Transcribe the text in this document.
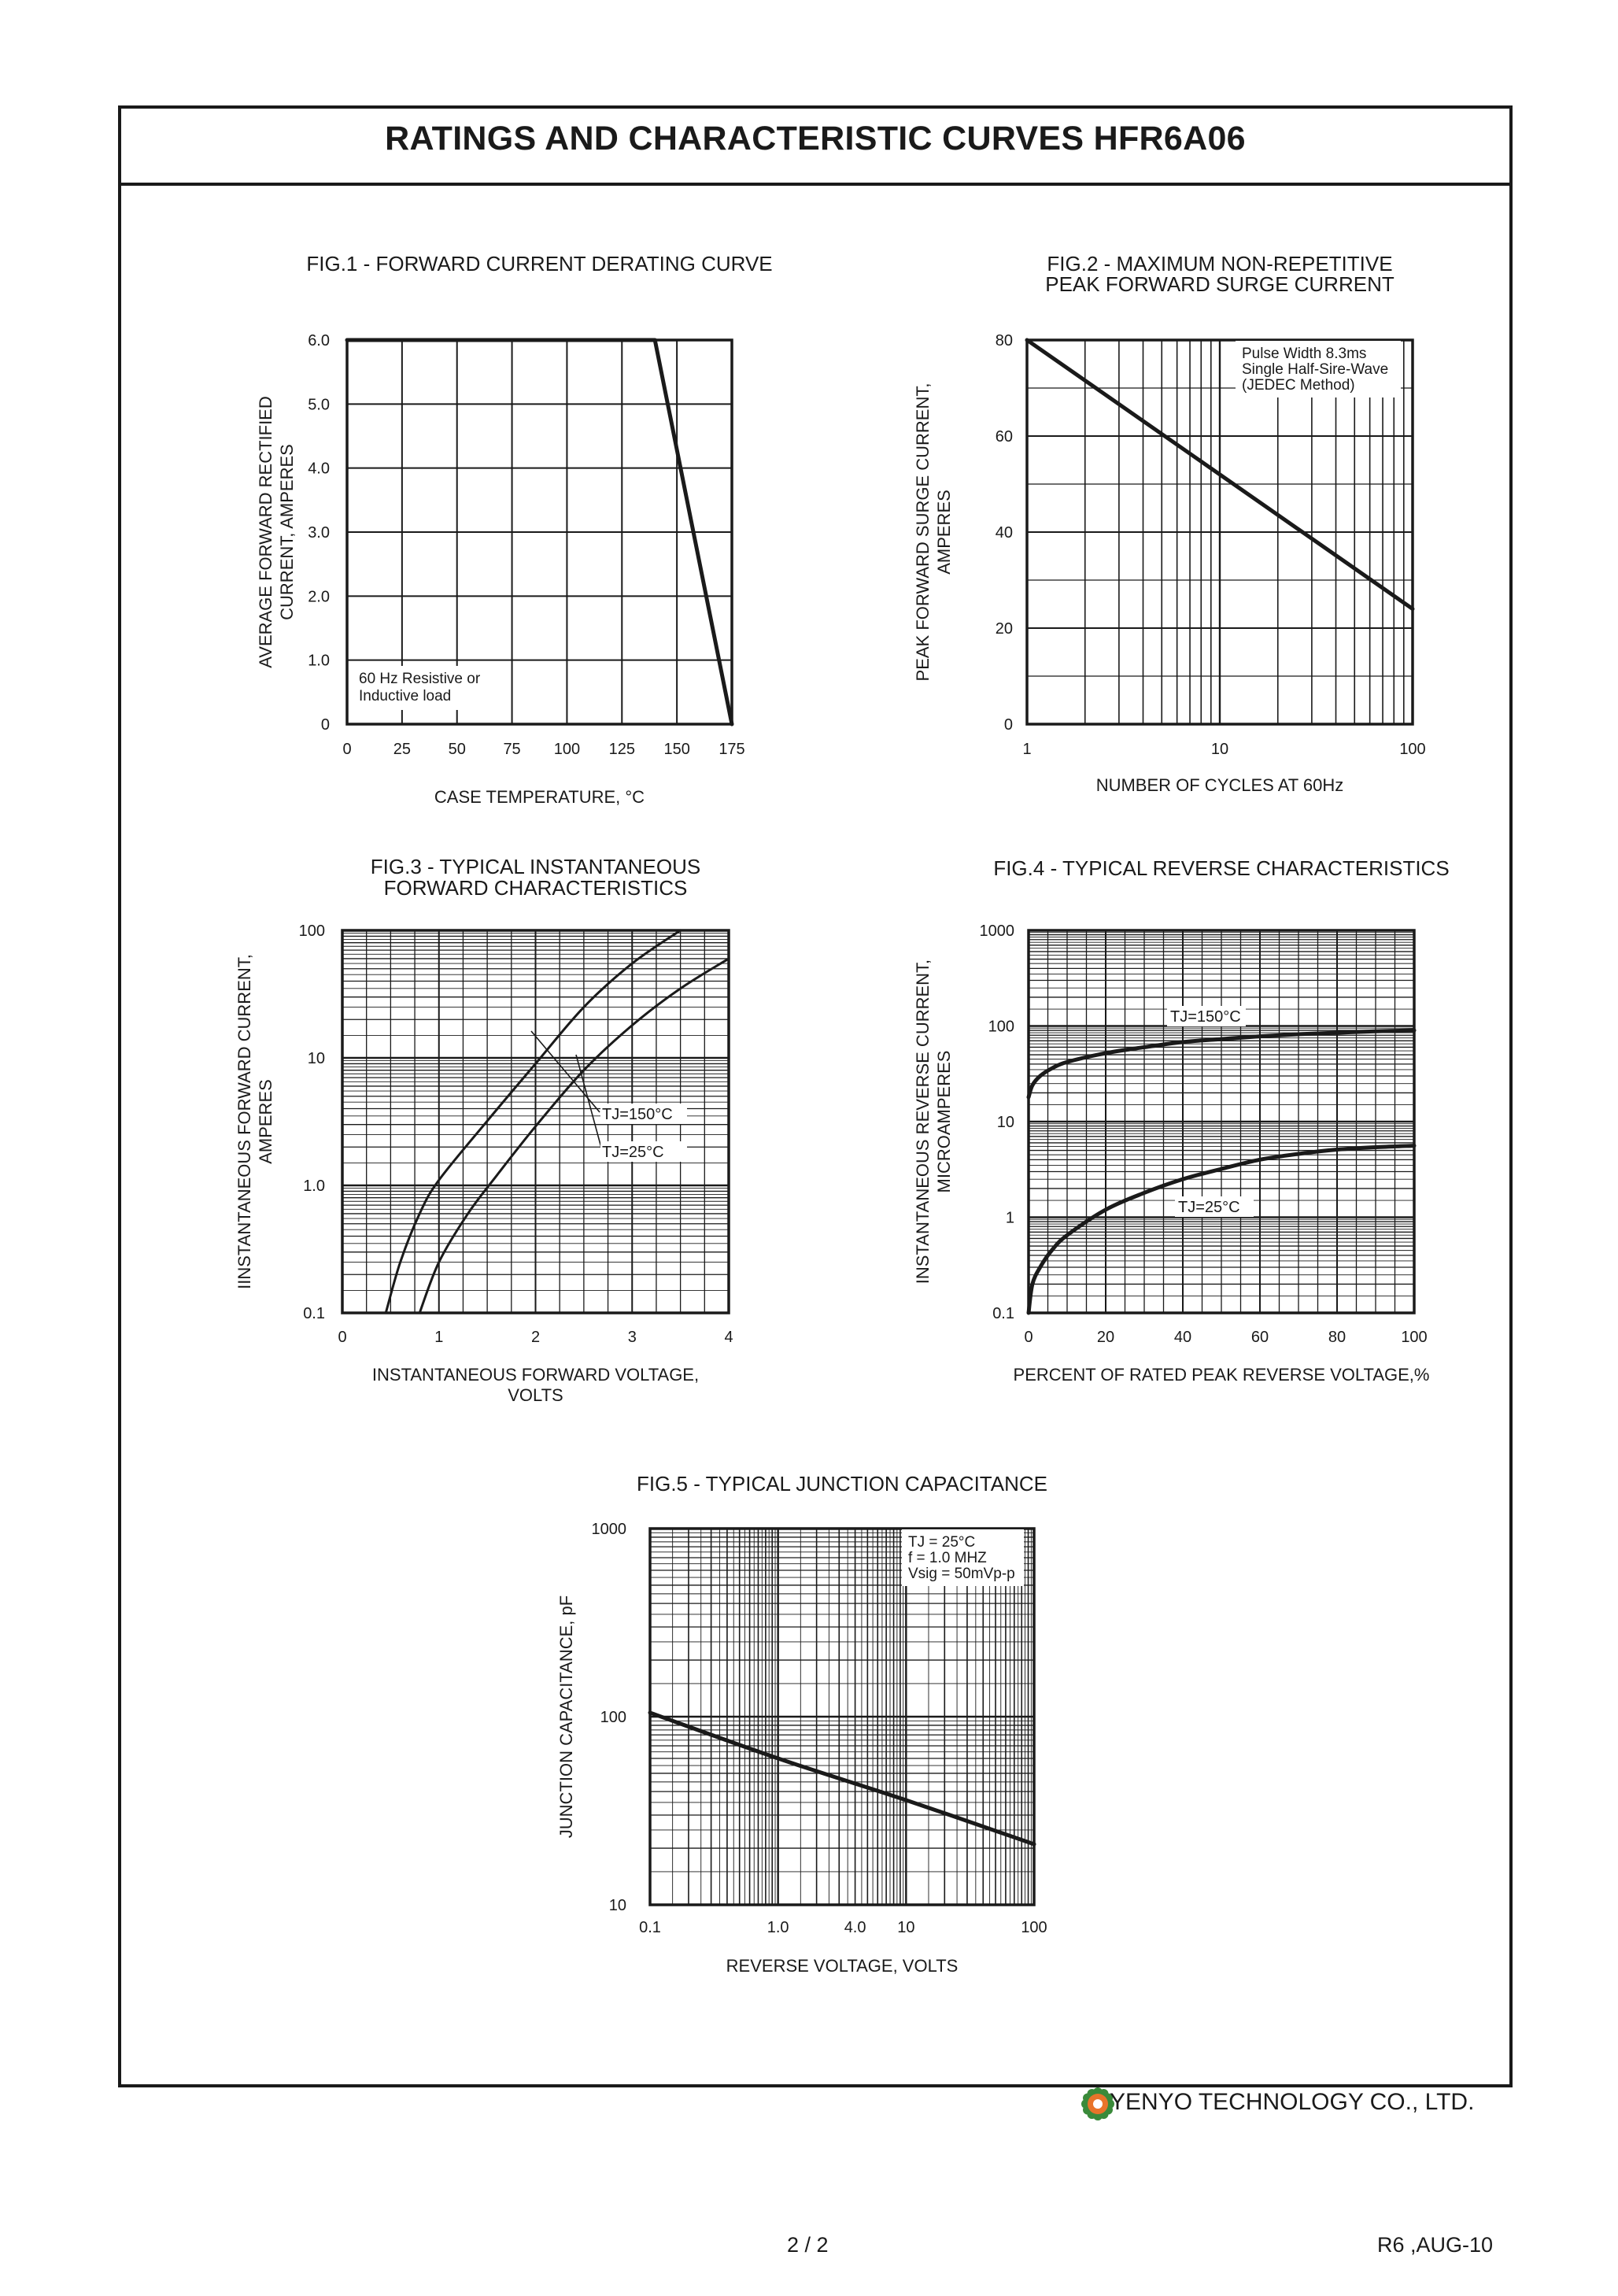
RATINGS AND CHARACTERISTIC CURVES HFR6A06
60 Hz Resistive or
Inductive load
0	25 50 75 100 125 150 175
0
1.0
2.0
3.0
4.0
5.0
6.0
FIG.1 - FORWARD CURRENT DERATING CURVE
CASE TEMPERATURE, °C
AVERAGE FORWARD RECTIFIED CURRENT, AMPERES
Pulse Width 8.3ms
Single Half-Sire-Wave
(JEDEC Method)
1	10	100
0
20
40
60
80
FIG.2 - MAXIMUM NON-REPETITIVE
PEAK FORWARD SURGE CURRENT
NUMBER OF CYCLES AT 60Hz
PEAK FORWARD SURGE CURRENT, AMPERES
TJ=150°C
TJ=25°C
0	1	2	3	4
0.1
1.0
10
100
FIG.3 - TYPICAL INSTANTANEOUS
FORWARD CHARACTERISTICS
INSTANTANEOUS FORWARD VOLTAGE,
VOLTS
IINSTANTANEOUS FORWARD CURRENT, AMPERES
TJ=150°C
TJ=25°C
0	20	40	60	80	100
0.1
1
10
100
1000
FIG.4 - TYPICAL REVERSE CHARACTERISTICS
PERCENT OF RATED PEAK REVERSE VOLTAGE,%
INSTANTANEOUS REVERSE CURRENT, MICROAMPERES
TJ = 25°C
f = 1.0 MHZ
Vsig = 50mVp-p
0.1	1.0	4.0 10	100
10
100
1000
FIG.5 - TYPICAL JUNCTION CAPACITANCE
REVERSE VOLTAGE, VOLTS
JUNCTION CAPACITANCE, pF
YENYO TECHNOLOGY CO., LTD.
2 / 2	R6 ,AUG-10
